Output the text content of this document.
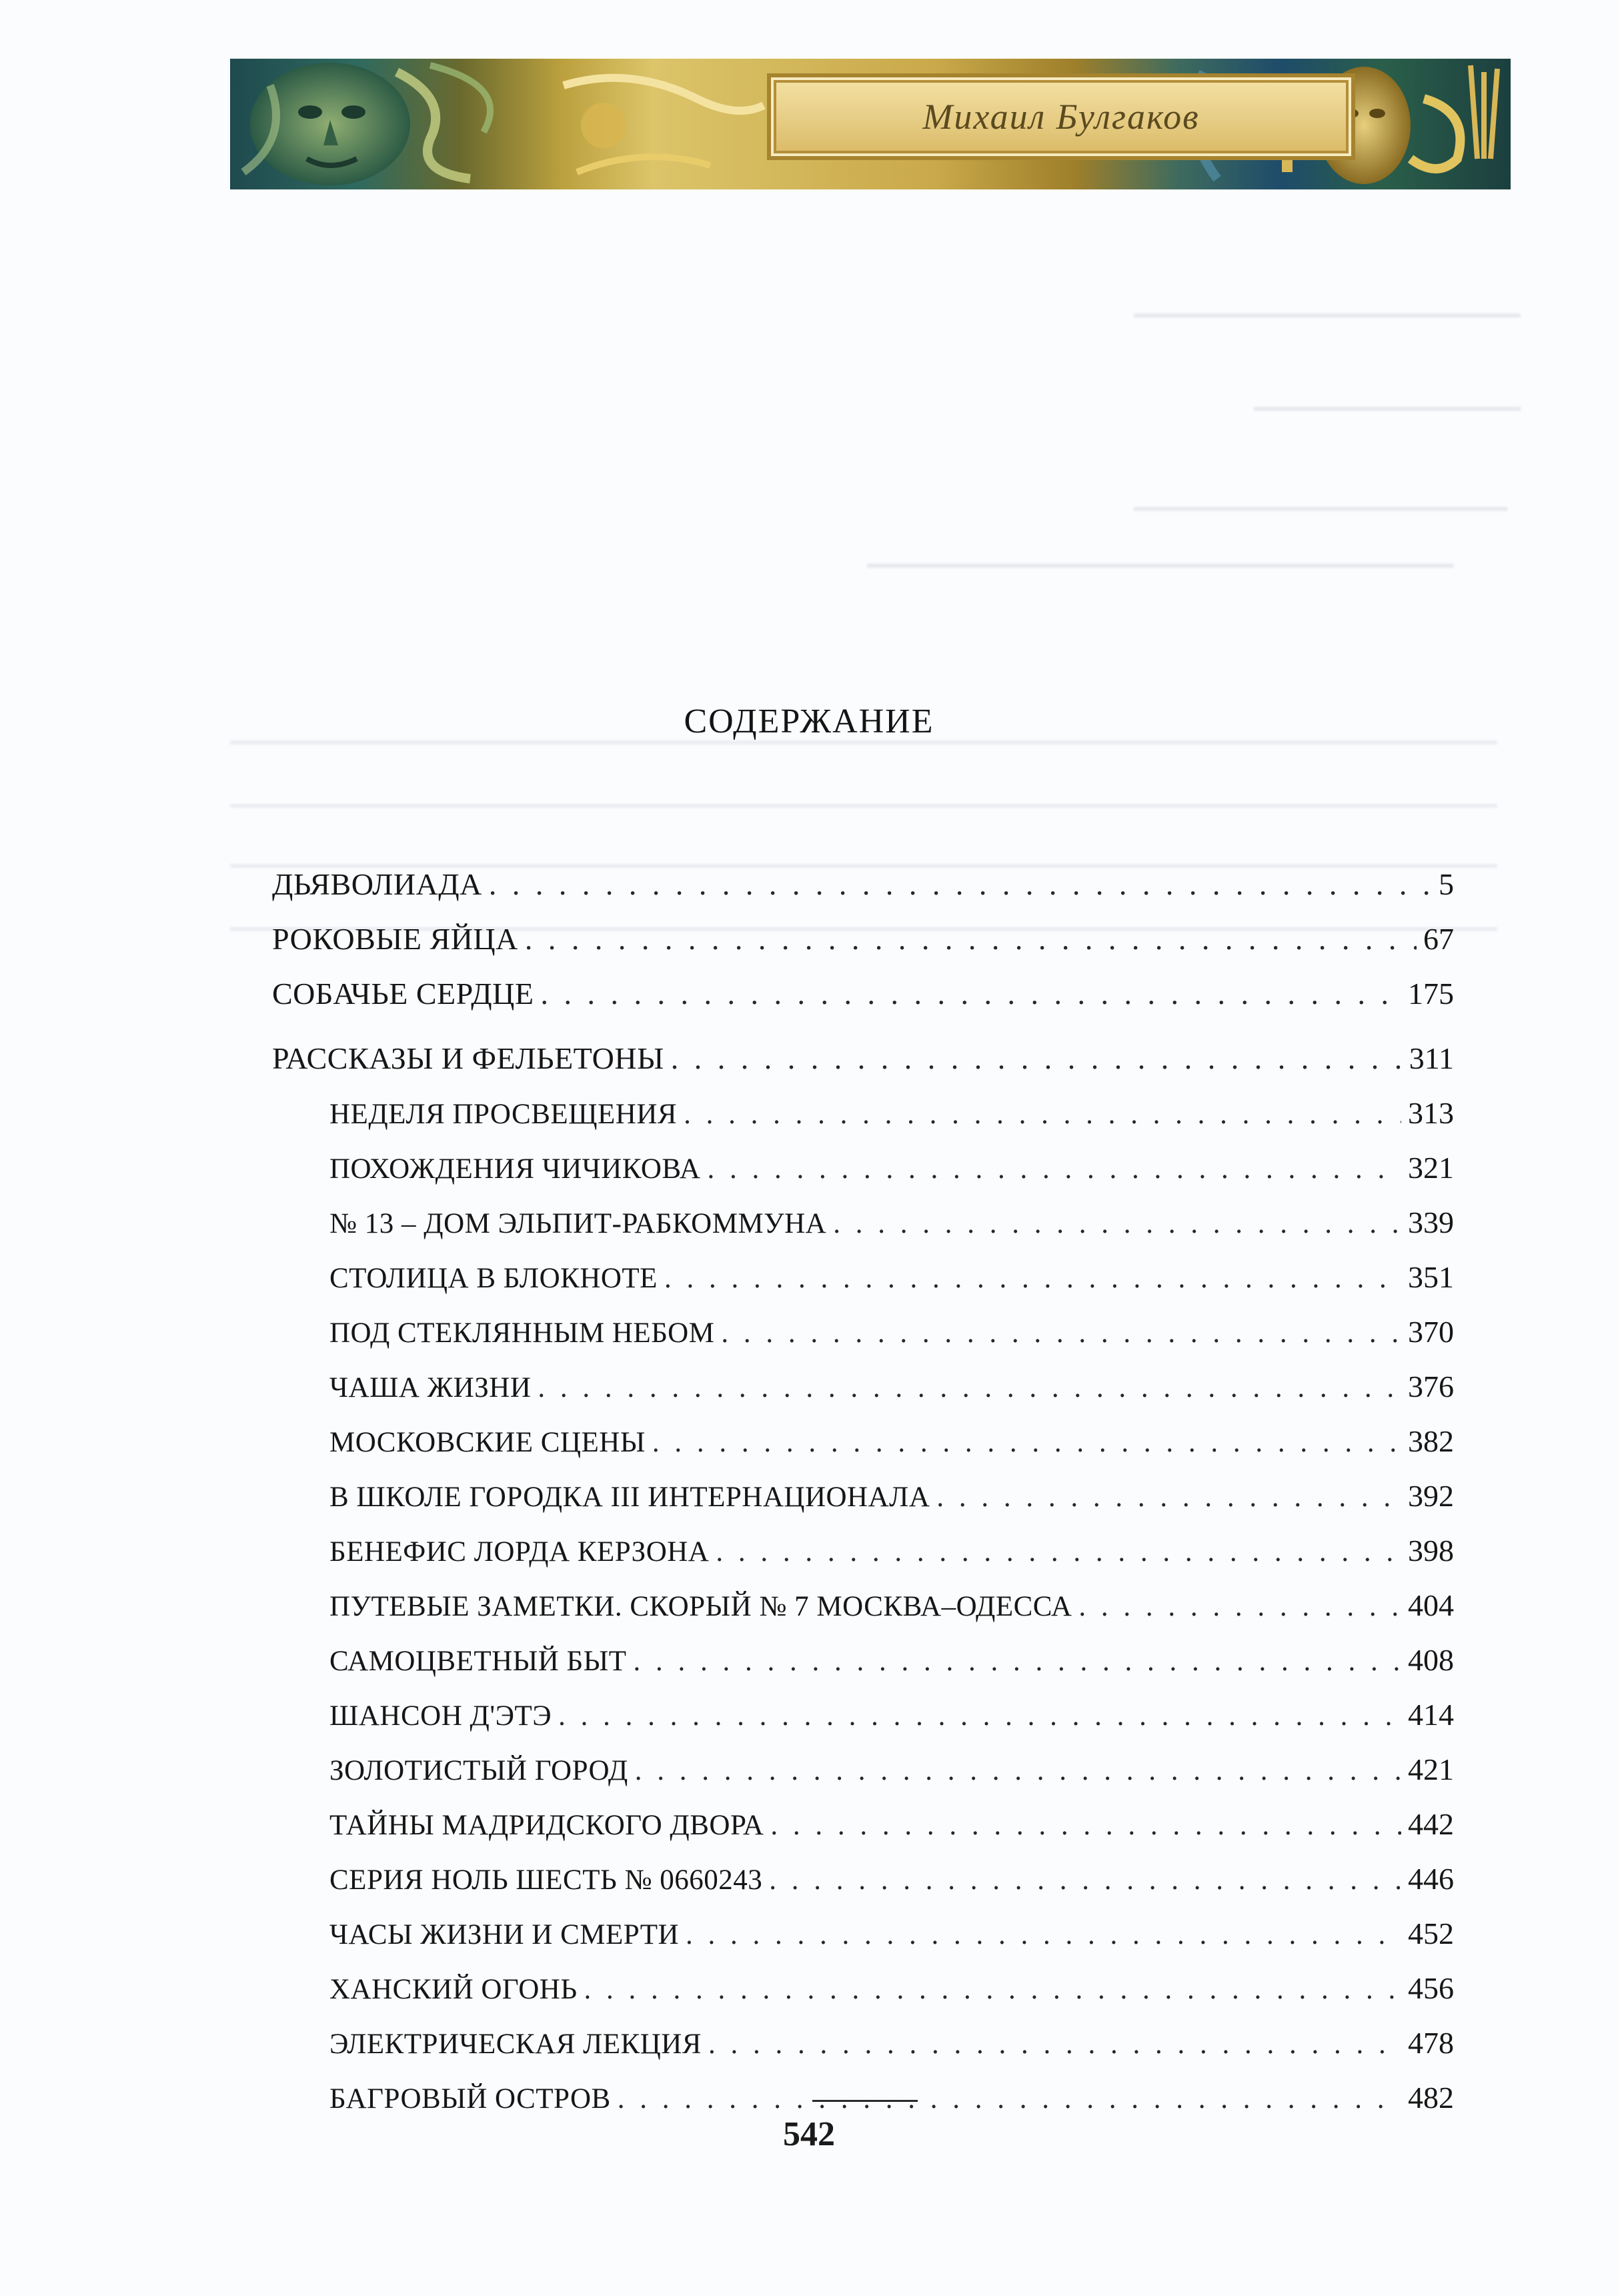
Михаил Булгаков
СОДЕРЖАНИЕ
ДЬЯВОЛИАДА . . .	5
РОКОВЫЕ ЯЙЦА . . .	67
СОБАЧЬЕ СЕРДЦЕ . . .	175
РАССКАЗЫ И ФЕЛЬЕТОНЫ . . .	311
НЕДЕЛЯ ПРОСВЕЩЕНИЯ . . .	313
ПОХОЖДЕНИЯ ЧИЧИКОВА . . .	321
№ 13 – ДОМ ЭЛЬПИТ-РАБКОММУНА . . .	339
СТОЛИЦА В БЛОКНОТЕ . . .	351
ПОД СТЕКЛЯННЫМ НЕБОМ . . .	370
ЧАША ЖИЗНИ . . .	376
МОСКОВСКИЕ СЦЕНЫ . . .	382
В ШКОЛЕ ГОРОДКА III ИНТЕРНАЦИОНАЛА . . .	392
БЕНЕФИС ЛОРДА КЕРЗОНА . . .	398
ПУТЕВЫЕ ЗАМЕТКИ. СКОРЫЙ № 7 МОСКВА–ОДЕССА . . .	404
САМОЦВЕТНЫЙ БЫТ . . .	408
ШАНСОН Д'ЭТЭ . . .	414
ЗОЛОТИСТЫЙ ГОРОД . . .	421
ТАЙНЫ МАДРИДСКОГО ДВОРА . . .	442
СЕРИЯ НОЛЬ ШЕСТЬ № 0660243 . . .	446
ЧАСЫ ЖИЗНИ И СМЕРТИ . . .	452
ХАНСКИЙ ОГОНЬ . . .	456
ЭЛЕКТРИЧЕСКАЯ ЛЕКЦИЯ . . .	478
БАГРОВЫЙ ОСТРОВ . . .	482
542
